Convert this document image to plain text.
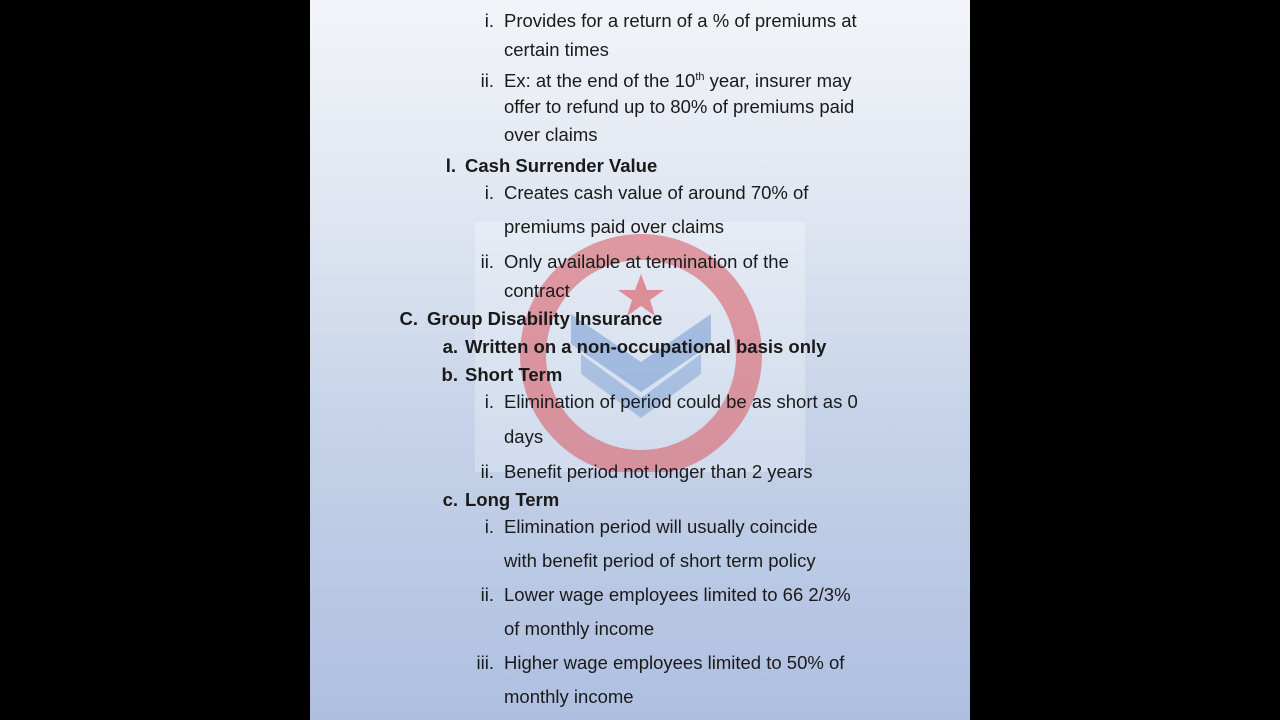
i. Provides for a return of a % of premiums at
certain times
ii. Ex: at the end of the 10th year, insurer may
offer to refund up to 80% of premiums paid
over claims
l. Cash Surrender Value
i. Creates cash value of around 70% of
premiums paid over claims
ii. Only available at termination of the
contract
C. Group Disability Insurance
a. Written on a non-occupational basis only
b. Short Term
i. Elimination of period could be as short as 0
days
ii. Benefit period not longer than 2 years
c. Long Term
i. Elimination period will usually coincide
with benefit period of short term policy
ii. Lower wage employees limited to 66 2/3%
of monthly income
iii. Higher wage employees limited to 50% of
monthly income
